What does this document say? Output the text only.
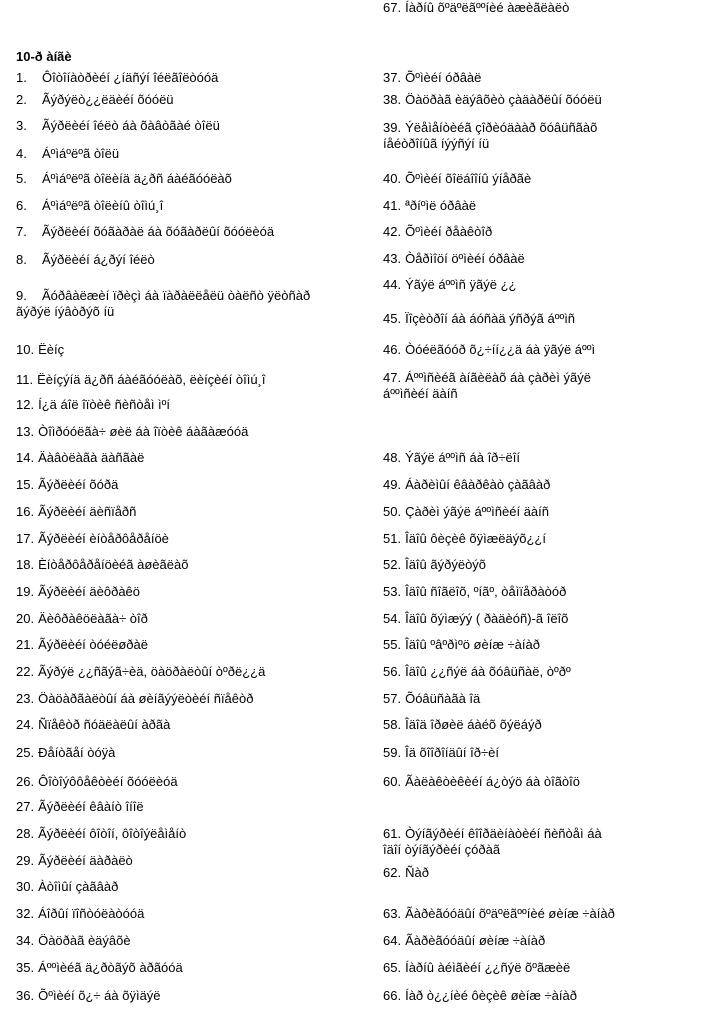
10-ð àíãè
1. Ôîòîíàòðèéí ¿íäñýí îéëãîëòóóä
2. Ãýðýëò¿¿ëäèéí õóóëü
3. Ãýðëèéí îéëò áà õàâòãàé òîëü
4. Áºìáºëºã òîëü
5. Áºìáºëºã òîëèíä ä¿ðñ áàéãóóëàõ
6. Áºìáºëºã òîëèíû òîìú¸î
7. Ãýðëèéí õóãàðàë áà õóãàðëûí õóóëèóä
8. Ãýðëèéí á¿ðýí îéëò
9. Ãóðâàëæèí ïðèçì áà ïàðàëëåëü òàëñò ÿëòñàð
ãýðýë íýâòðýõ íü
10. Ëèíç
11. Ëèíçýíä ä¿ðñ áàéãóóëàõ, ëèíçèéí òîìú¸î
12. Í¿ä áîë îïòèê ñèñòåì ìºí
13. Òîìðóóëãà÷ øèë áà îïòèê áàãàæóóä
14. Äàâòëàãà äàñãàë
15. Ãýðëèéí õóðä
16. Ãýðëèéí äèñïåðñ
17. Ãýðëèéí èíòåðôåðåíöè
18. Èíòåðôåðåíöèéã àøèãëàõ
19. Ãýðëèéí äèôðàêö
20. Äèôðàêöëàãà÷ òîð
21. Ãýðëèéí òóéëøðàë
22. Ãýðýë ¿¿ñãýã÷èä, öàöðàëòûí òºðë¿¿ä
23. Öàöàðãàëòûí áà øèíãýýëòèéí ñïåêòð
24. Ñïåêòð ñóäëàëûí àðãà
25. Ðåíòãåí òóÿà
26. Ôîòîýôôåêòèéí õóóëèóä
27. Ãýðëèéí êâàíò îíîë
28. Ãýðëèéí ôîòîí, ôîòîýëåìåíò
29. Ãýðëèéí äàðàëò
30. Àòîìûí çàãâàð
32. Áîðûí ïîñòóëàòóóä
34. Öàöðàã èäýâõè
35. Áººìèéã ä¿ðòãýõ àðãóóä
36. Õºìèéí õ¿÷ áà õÿìäýë
37. Õºìèéí óðâàë
38. Öàöðàã èäýâõèò çàäàðëûí õóóëü
39. Ýëåìåíòèéã çîðèóäààð õóâüñãàõ
íåéòðîíûã íýýñýí íü
40. Õºìèéí õîëáîîíû ýíåðãè
41. ªðíºìë óðâàë
42. Õºìèéí ðåàêòîð
43. Òåðìîöí öºìèéí óðâàë
44. Ýãýë áººìñ ÿãýë ¿¿
45. Ïîçèòðîí áà áóñàä ýñðýã áººìñ
46. Òóéëãóóð õ¿÷íí¿¿ä áà ÿãýë áººì
47. Áººìñèéã àíãèëàõ áà çàðèì ýãýë
áººìñèéí äàíñ
48. Ýãýë áººìñ áà îð÷ëîí
49. Áàðèìûí êâàðêàò çàãâàð
50. Çàðèì ýãýë áººìñèéí äàíñ
51. Îäîû ôèçèê õÿìæëäýõ¿¿í
52. Îäîû ãýðýëòýõ
53. Îäîû ñîãëîõ, ºíãº, òåìïåðàòóð
54. Îäîû õýìæýý ( ðàäèóñ)-ã îëîõ
55. Îäîû ºâºðìºö øèíæ ÷àíàð
56. Îäîû ¿¿ñýë áà õóâüñàë, òºðº
57. Õóâüñàãà îä
58. Îäîä îðøèë áàéõ õýëáýð
59. Îä õîîðîíäûí îð÷èí
60. Ãàëàêòèêèéí á¿òýö áà òîãòîö
61. Òýíãýðèéí êîîðäèíàòèéí ñèñòåì áà
îäîí òýíãýðèéí çóðàã
62. Ñàð
63. Ãàðèãóóäûí õºäºëãººíèé øèíæ ÷àíàð
64. Ãàðèãóóäûí øèíæ ÷àíàð
65. Íàðíû àéìãèéí ¿¿ñýë õºãæèë
66. Íàð ò¿¿íèé ôèçèê øèíæ ÷àíàð
67. Íàðíû õºäºëãººíèé àæèãëàëò
